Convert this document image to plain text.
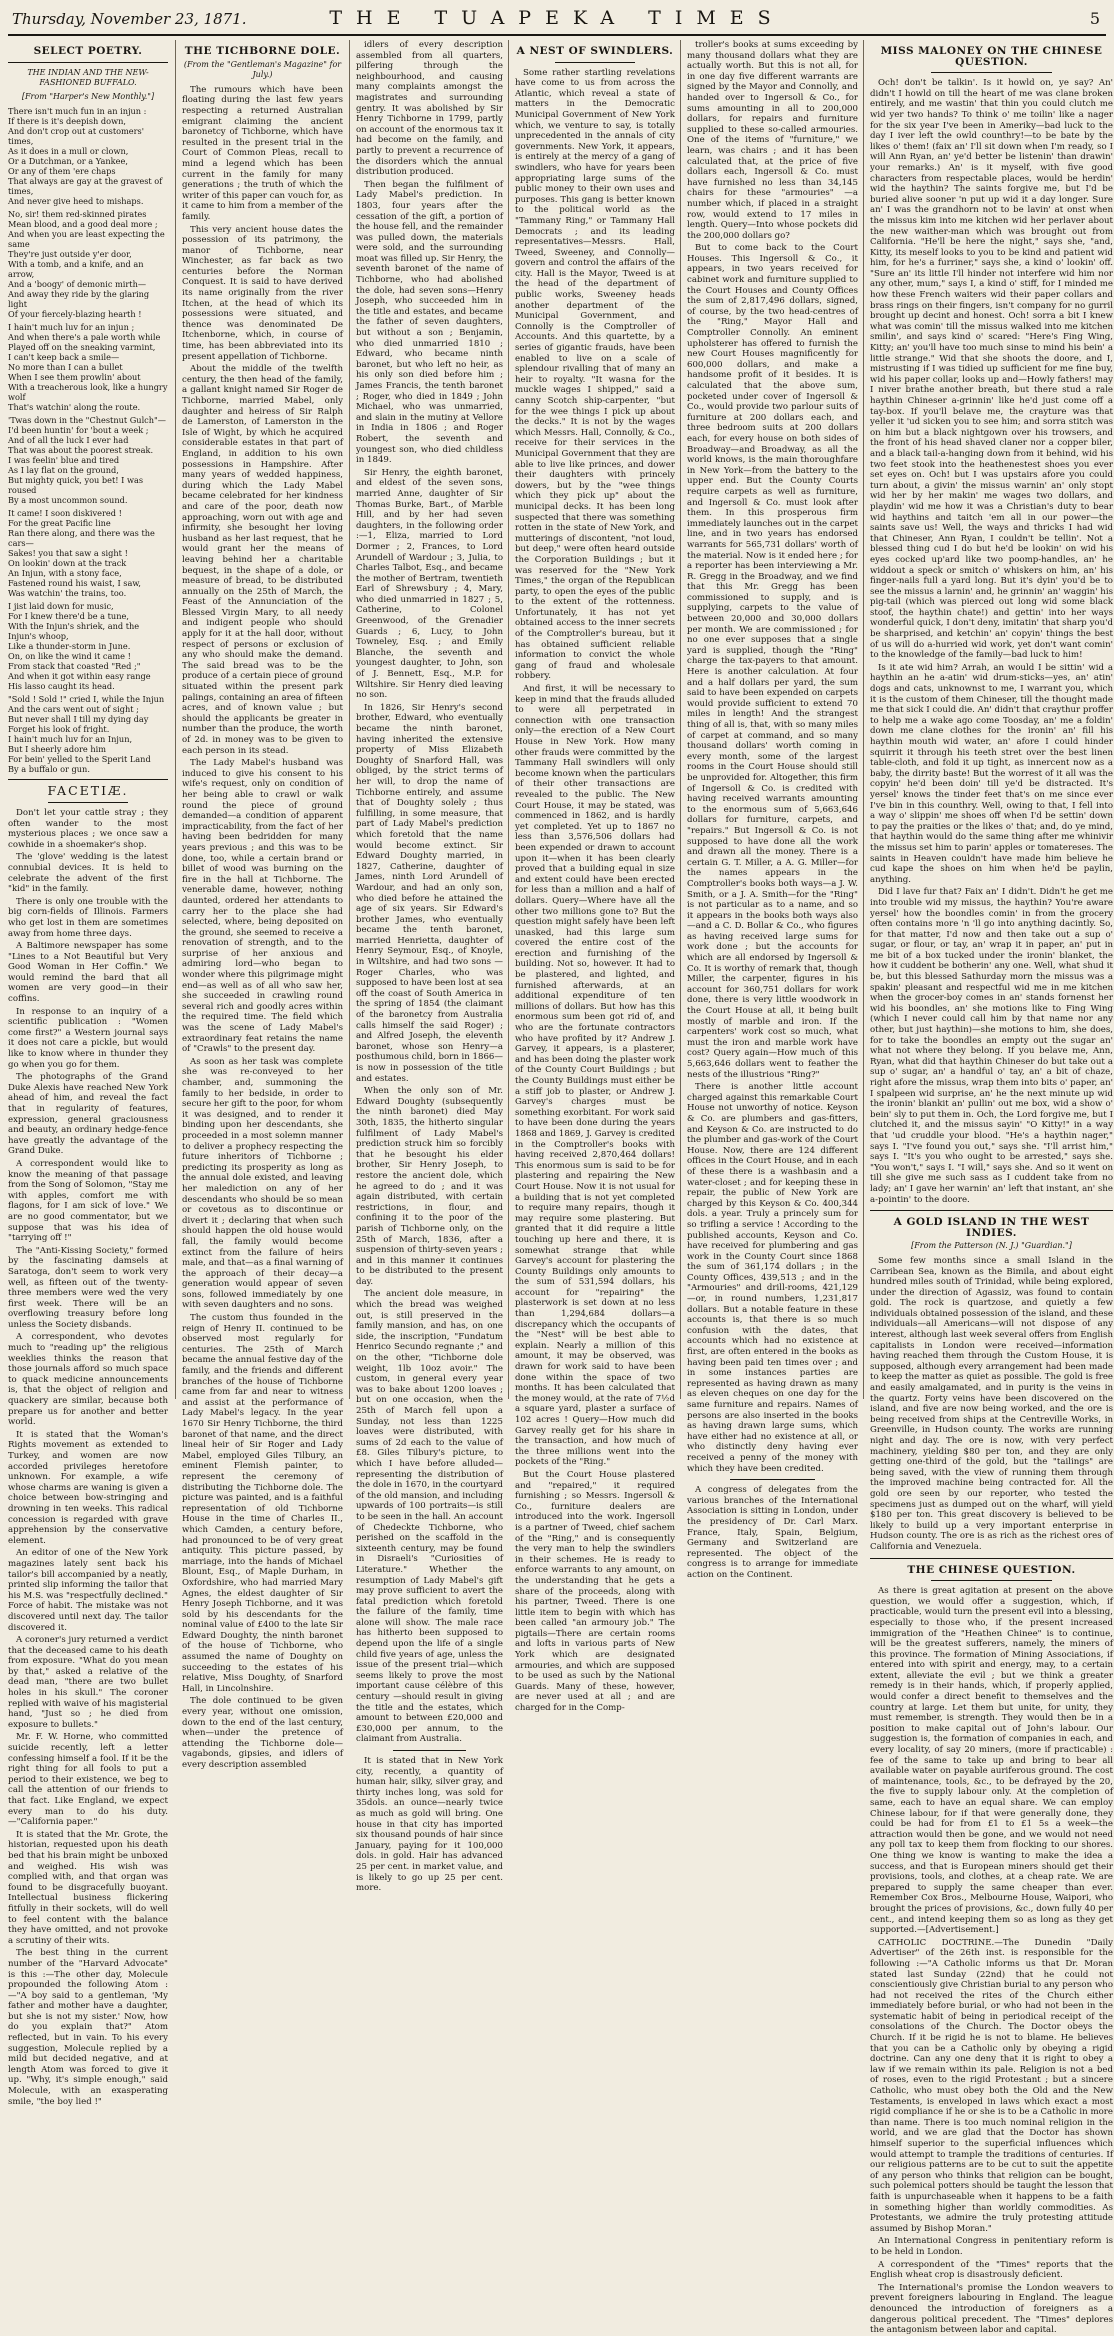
Thursday, November 23, 1871.	THE TUAPEKA TIMES	5
SELECT POETRY.
THE INDIAN AND THE NEW-FASHIONED BUFFALO.
[From "Harper's New Monthly."]
There isn't much fun in an injun :
If there is it's deepish down,
And don't crop out at customers' times,
As it does in a mull or clown,
Or a Dutchman, or a Yankee,
Or any of them 'ere chaps
That always are gay at the gravest of times,
And never give heed to mishaps.
No, sir! them red-skinned pirates
Mean blood, and a good deal more ;
And when you are least expecting the same
They're just outside y'er door,
With a tomb, and a knife, and an arrow,
And a 'boogy' of demonic mirth—
And away they ride by the glaring light
Of your fiercely-blazing hearth !
I hain't much luv for an injun ;
And when there's a pale worth while
Played off on the sneaking varmint,
I can't keep back a smile—
No more than I can a bullet
When I see them prowlin' about
With a treacherous look, like a hungry wolf
That's watchin' along the route.
'Twas down in the "Chestnut Gulch"—
I'd been huntin' for 'bout a week ;
And of all the luck I ever had
That was about the poorest streak.
I was feelin' blue and tired
As I lay flat on the ground,
But mighty quick, you bet! I was roused
By a most uncommon sound.
It came! I soon diskivered !
For the great Pacific line
Ran there along, and there was the cars—
Sakes! you that saw a sight !
On lookin' down at the track
An Injun, with a stony face,
Fastened round his waist, I saw,
Was watchin' the trains, too.
I jist laid down for music,
For I knew there'd be a tune,
With the Injun's shriek, and the Injun's whoop,
Like a thunder-storm in June.
On, on like the wind it came !
From stack that coasted "Red ;"
And when it got within easy range
His lasso caught its head.
"Sold ! Sold !" cried I, while the Injun
And the cars went out of sight ;
But never shall I till my dying day
Forget his look of fright.
I hain't much luv for an Injun,
But I sheerly adore him
For bein' yelled to the Sperit Land
By a buffalo or gun.
FACETIÆ.

Don't let your cattle stray ; they often wander to the most mysterious places ; we once saw a cowhide in a shoemaker's shop.

The 'glove' wedding is the latest connubial devices. It is held to celebrate the advent of the first "kid" in the family.

There is only one trouble with the big corn-fields of Illinois. Farmers who get lost in them are sometimes away from home three days.

A Baltimore newspaper has some "Lines to a Not Beautiful but Very Good Woman in Her Coffin." We would remind the bard that all women are very good—in their coffins.

In response to an inquiry of a scientific publication : "Women come first?" a Western journal says it does not care a pickle, but would like to know where in thunder they go when you go for them.

The photographs of the Grand Duke Alexis have reached New York ahead of him, and reveal the fact that in regularity of features, expression, general graciousness and beauty, an ordinary hedge-fence have greatly the advantage of the Grand Duke.

A correspondent would like to know the meaning of that passage from the Song of Solomon, "Stay me with apples, comfort me with flagons, for I am sick of love." We are no good commentator, but we suppose that was his idea of "tarrying off !"

The "Anti-Kissing Society," formed by the fascinating damsels at Saratoga, don't seem to work very well, as fifteen out of the twenty-three members were wed the very first week. There will be an overflowing treasury before long unless the Society disbands.

A correspondent, who devotes much to "reading up" the religious weeklies thinks the reason that those journals afford so much space to quack medicine announcements is, that the object of religion and quackery are similar, because both prepare us for another and better world.

It is stated that the Woman's Rights movement as extended to Turkey, and women are now accorded privileges heretofore unknown. For example, a wife whose charms are waning is given a choice between bow-stringing and drowning in ten weeks. This radical concession is regarded with grave apprehension by the conservative element.

An editor of one of the New York magazines lately sent back his tailor's bill accompanied by a neatly, printed slip informing the tailor that his M.S. was "respectfully declined." Force of habit. The mistake was not discovered until next day. The tailor discovered it.

A coroner's jury returned a verdict that the deceased came to his death from exposure. "What do you mean by that," asked a relative of the dead man, "there are two bullet holes in his skull." The coroner replied with waive of his magisterial hand, "Just so ; he died from exposure to bullets."

Mr. F. W. Horne, who committed suicide recently, left a letter confessing himself a fool. If it be the right thing for all fools to put a period to their existence, we beg to call the attention of our friends to that fact. Like England, we expect every man to do his duty.—"California paper."

It is stated that the Mr. Grote, the historian, requested upon his death bed that his brain might be unboxed and weighed. His wish was complied with, and that organ was found to be disgracefully buoyant. Intellectual business flickering fitfully in their sockets, will do well to feel content with the balance they have omitted, and not provoke a scrutiny of their wits.

The best thing in the current number of the "Harvard Advocate" is this :—The other day, Molecule propounded the following Atom :—"A boy said to a gentleman, 'My father and mother have a daughter, but she is not my sister.' Now, how do you explain that?" Atom reflected, but in vain. To his every suggestion, Molecule replied by a mild but decided negative, and at length Atom was forced to give it up. "Why, it's simple enough," said Molecule, with an exasperating smile, "the boy lied !"

THE TICHBORNE DOLE.
(From the "Gentleman's Magazine" for July.)

The rumours which have been floating during the last few years respecting a returned Australian emigrant claiming the ancient baronetcy of Tichborne, which have resulted in the present trial in the Court of Common Pleas, recall to mind a legend which has been current in the family for many generations ; the truth of which the writer of this paper can vouch for, as it came to him from a member of the family.

This very ancient house dates the possession of its patrimony, the manor of Tichborne, near Winchester, as far back as two centuries before the Norman Conquest. It is said to have derived its name originally from the river Itchen, at the head of which its possessions were situated, and thence was denominated De Itchenborne, which, in course of time, has been abbreviated into its present appellation of Tichborne.

About the middle of the twelfth century, the then head of the family, a gallant knight named Sir Roger de Tichborne, married Mabel, only daughter and heiress of Sir Ralph de Lamerston, of Lamerston in the Isle of Wight, by which he acquired considerable estates in that part of England, in addition to his own possessions in Hampshire. After many years of wedded happiness, during which the Lady Mabel became celebrated for her kindness and care of the poor, death now approaching, worn out with age and infirmity, she besought her loving husband as her last request, that he would grant her the means of leaving behind her a charitable bequest, in the shape of a dole, or measure of bread, to be distributed annually on the 25th of March, the Feast of the Annunciation of the Blessed Virgin Mary, to all needy and indigent people who should apply for it at the hall door, without respect of persons or exclusion of any who should make the demand. The said bread was to be the produce of a certain piece of ground situated within the present park palings, containing an area of fifteen acres, and of known value ; but should the applicants be greater in number than the produce, the worth of 2d. in money was to be given to each person in its stead.

The Lady Mabel's husband was induced to give his consent to his wife's request, only on condition of her being able to crawl or walk round the piece of ground demanded—a condition of apparent impracticability, from the fact of her having been bedridden for many years previous ; and this was to be done, too, while a certain brand or billet of wood was burning on the fire in the hall at Tichborne. The venerable dame, however, nothing daunted, ordered her attendants to carry her to the place she had selected, where, being deposited on the ground, she seemed to receive a renovation of strength, and to the surprise of her anxious and admiring lord—who began to wonder where this pilgrimage might end—as well as of all who saw her, she succeeded in crawling round several rich and goodly acres within the required time. The field which was the scene of Lady Mabel's extraordinary feat retains the name of "Crawls" to the present day.

As soon as her task was complete she was re-conveyed to her chamber, and, summoning the family to her bedside, in order to secure her gift to the poor, for whom it was designed, and to render it binding upon her descendants, she proceeded in a most solemn manner to deliver a prophecy respecting the future inheritors of Tichborne ; predicting its prosperity as long as the annual dole existed, and leaving her malediction on any of her descendants who should be so mean or covetous as to discontinue or divert it ; declaring that when such should happen the old house would fall, the family would become extinct from the failure of heirs male, and that—as a final warning of the approach of their decay—a generation would appear of seven sons, followed immediately by one with seven daughters and no sons.

The custom thus founded in the reign of Henry II. continued to be observed most regularly for centuries. The 25th of March became the annual festive day of the family, and the friends and different branches of the house of Tichborne came from far and near to witness and assist at the performance of Lady Mabel's legacy. In the year 1670 Sir Henry Tichborne, the third baronet of that name, and the direct lineal heir of Sir Roger and Lady Mabel, employed Giles Tilbury, an eminent Flemish painter, to represent the ceremony of distributing the Tichborne dole. The picture was painted, and is a faithful representation of old Tichborne House in the time of Charles II., which Camden, a century before, had pronounced to be of very great antiquity. This picture passed, by marriage, into the hands of Michael Blount, Esq., of Maple Durham, in Oxfordshire, who had married Mary Agnes, the eldest daughter of Sir Henry Joseph Tichborne, and it was sold by his descendants for the nominal value of £400 to the late Sir Edward Doughty, the ninth baronet of the house of Tichborne, who assumed the name of Doughty on succeeding to the estates of his relative, Miss Doughty, of Snarford Hall, in Lincolnshire.

The dole continued to be given every year, without one omission, down to the end of the last century, when—under the pretence of attending the Tichborne dole—vagabonds, gipsies, and idlers of every description assembled

idlers of every description assembled from all quarters, pilfering through the neighbourhood, and causing many complaints amongst the magistrates and surrounding gentry. It was abolished by Sir Henry Tichborne in 1799, partly on account of the enormous tax it had become on the family, and partly to prevent a recurrence of the disorders which the annual distribution produced.

Then began the fulfilment of Lady Mabel's prediction. In 1803, four years after the cessation of the gift, a portion of the house fell, and the remainder was pulled down, the materials were sold, and the surrounding moat was filled up. Sir Henry, the seventh baronet of the name of Tichborne, who had abolished the dole, had seven sons—Henry Joseph, who succeeded him in the title and estates, and became the father of seven daughters, but without a son ; Benjamin, who died unmarried 1810 ; Edward, who became ninth baronet, but who left no heir, as his only son died before him ; James Francis, the tenth baronet ; Roger, who died in 1849 ; John Michael, who was unmarried, and slain in the mutiny at Vellore in India in 1806 ; and Roger Robert, the seventh and youngest son, who died childless in 1849.

Sir Henry, the eighth baronet, and eldest of the seven sons, married Anne, daughter of Sir Thomas Burke, Bart., of Marble Hill, and by her had seven daughters, in the following order :—1, Eliza, married to Lord Dormer ; 2, Frances, to Lord Arundell of Wardour ; 3, Julia, to Charles Talbot, Esq., and became the mother of Bertram, twentieth Earl of Shrewsbury ; 4, Mary, who died unmarried in 1827 ; 5, Catherine, to Colonel Greenwood, of the Grenadier Guards ; 6, Lucy, to John Towneley, Esq. ; and Emily Blanche, the seventh and youngest daughter, to John, son of J. Bennett, Esq., M.P. for Wiltshire. Sir Henry died leaving no son.

In 1826, Sir Henry's second brother, Edward, who eventually became the ninth baronet, having inherited the extensive property of Miss Elizabeth Doughty of Snarford Hall, was obliged, by the strict terms of her will, to drop the name of Tichborne entirely, and assume that of Doughty solely ; thus fulfilling, in some measure, that part of Lady Mabel's prediction which foretold that the name would become extinct. Sir Edward Doughty married, in 1827, Catherine, daughter of James, ninth Lord Arundell of Wardour, and had an only son, who died before he attained the age of six years. Sir Edward's brother James, who eventually became the tenth baronet, married Henrietta, daughter of Henry Seymour, Esq., of Knoyle, in Wiltshire, and had two sons —Roger Charles, who was supposed to have been lost at sea off the coast of South America in the spring of 1854 (the claimant of the baronetcy from Australia calls himself the said Roger) ; and Alfred Joseph, the eleventh baronet, whose son Henry—a posthumous child, born in 1866—is now in possession of the title and estates.

When the only son of Mr. Edward Doughty (subsequently the ninth baronet) died May 30th, 1835, the hitherto singular fulfilment of Lady Mabel's prediction struck him so forcibly that he besought his elder brother, Sir Henry Joseph, to restore the ancient dole, which he agreed to do ; and it was again distributed, with certain restrictions, in flour, and confining it to the poor of the parish of Tichborne only, on the 25th of March, 1836, after a suspension of thirty-seven years ; and in this manner it continues to be distributed to the present day.

The ancient dole measure, in which the bread was weighed out, is still preserved in the family mansion, and has, on one side, the inscription, "Fundatum Henrico Secundo regnante ;" and on the other, "Tichborne dole weight, 1lb 10oz avoir." The custom, in general every year was to bake about 1200 loaves ; but on one occasion, when the 25th of March fell upon a Sunday, not less than 1225 loaves were distributed, with sums of 2d each to the value of £8. Giles Tilbury's picture, to which I have before alluded—representing the distribution of the dole in 1670, in the courtyard of the old mansion, and including upwards of 100 portraits—is still to be seen in the hall. An account of Chedeckte Tichborne, who perished on the scaffold in the sixteenth century, may be found in Disraeli's "Curiosities of Literature." Whether the resumption of Lady Mabel's gift may prove sufficient to avert the fatal prediction which foretold the failure of the family, time alone will show. The male race has hitherto been supposed to depend upon the life of a single child five years of age, unless the issue of the present trial—which seems likely to prove the most important cause célèbre of this century —should result in giving the title and the estates, which amount to between £20,000 and £30,000 per annum, to the claimant from Australia.

It is stated that in New York city, recently, a quantity of human hair, silky, silver gray, and thirty inches long, was sold for 35dols. an ounce—nearly twice as much as gold will bring. One house in that city has imported six thousand pounds of hair since January, paying for it 100,000 dols. in gold. Hair has advanced 25 per cent. in market value, and is likely to go up 25 per cent. more.

A NEST OF SWINDLERS.

Some rather startling revelations have come to us from across the Atlantic, which reveal a state of matters in the Democratic Municipal Government of New York which, we venture to say, is totally unprecedented in the annals of city governments. New York, it appears, is entirely at the mercy of a gang of swindlers, who have for years been appropriating large sums of the public money to their own uses and purposes. This gang is better known to the political world as the "Tammany Ring," or Tammany Hall Democrats ; and its leading representatives—Messrs. Hall, Tweed, Sweeney, and Connolly—govern and control the affairs of the city. Hall is the Mayor, Tweed is at the head of the department of public works, Sweeney heads another department of the Municipal Government, and Connolly is the Comptroller of Accounts. And this quartette, by a series of gigantic frauds, have been enabled to live on a scale of splendour rivalling that of many an heir to royalty. "It wasna for the muckle wages I shipped," said a canny Scotch ship-carpenter, "but for the wee things I pick up about the decks." It is not by the wages which Messrs. Hall, Connolly, & Co., receive for their services in the Municipal Government that they are able to live like princes, and dower their daughters with princely dowers, but by the "wee things which they pick up" about the municipal decks. It has been long suspected that there was something rotten in the state of New York, and mutterings of discontent, "not loud, but deep," were often heard outside the Corporation Buildings ; but it was reserved for the "New York Times," the organ of the Republican party, to open the eyes of the public to the extent of the rottenness. Unfortunately, it has not yet obtained access to the inner secrets of the Comptroller's bureau, but it has obtained sufficient reliable information to convict the whole gang of fraud and wholesale robbery.

And first, it will be necessary to keep in mind that the frauds alluded to were all perpetrated in connection with one transaction only—the erection of a New Court House in New York. How many other frauds were committed by the Tammany Hall swindlers will only become known when the particulars of their other transactions are revealed to the public. The New Court House, it may be stated, was commenced in 1862, and is hardly yet completed. Yet up to 1867 no less than 3,576,506 dollars had been expended or drawn to account upon it—when it has been clearly proved that a building equal in size and extent could have been erected for less than a million and a half of dollars. Query—Where have all the other two millions gone to? But the question might safely have been left unasked, had this large sum covered the entire cost of the erection and furnishing of the building. Not so, however. It had to be plastered, and lighted, and furnished afterwards, at an additional expenditure of ten millions of dollars. But how has this enormous sum been got rid of, and who are the fortunate contractors who have profited by it? Andrew J. Garvey, it appears, is a plasterer, and has been doing the plaster work of the County Court Buildings ; but the County Buildings must either be a stiff job to plaster, or Andrew J. Garvey's charges must be something exorbitant. For work said to have been done during the years 1868 and 1869, J. Garvey is credited in the Comptroller's books with having received 2,870,464 dollars! This enormous sum is said to be for plastering and repairing the New Court House. Now it is not usual for a building that is not yet completed to require many repairs, though it may require some plastering. But granted that it did require a little touching up here and there, it is somewhat strange that while Garvey's account for plastering the County Buildings only amounts to the sum of 531,594 dollars, his account for "repairing" the plasterwork is set down at no less than 1,294,684 dollars—a discrepancy which the occupants of the "Nest" will be best able to explain. Nearly a million of this amount, it may be observed, was drawn for work said to have been done within the space of two months. It has been calculated that the money would, at the rate of 7½d a square yard, plaster a surface of 102 acres ! Query—How much did Garvey really get for his share in the transaction, and how much of the three millions went into the pockets of the "Ring."

But the Court House plastered and "repaired," it required furnishing ; so Messrs. Ingersoll & Co., furniture dealers are introduced into the work. Ingersoll is a partner of Tweed, chief sachem of the "Ring," and is consequently the very man to help the swindlers in their schemes. He is ready to enforce warrants to any amount, on the understanding that he gets a share of the proceeds, along with his partner, Tweed. There is one little item to begin with which has been called "an armoury job." The pigtails—There are certain rooms and lofts in various parts of New York which are designated armouries, and which are supposed to be used as such by the National Guards. Many of these, however, are never used at all ; and are charged for in the Comp-

troller's books at sums exceeding by many thousand dollars what they are actually worth. But this is not all, for in one day five different warrants are signed by the Mayor and Connolly, and handed over to Ingersoll & Co., for sums amounting in all to 200,000 dollars, for repairs and furniture supplied to these so-called armouries. One of the items of "furniture," we learn, was chairs ; and it has been calculated that, at the price of five dollars each, Ingersoll & Co. must have furnished no less than 34,145 chairs for these "armouries" —a number which, if placed in a straight row, would extend to 17 miles in length. Query—Into whose pockets did the 200,000 dollars go?

But to come back to the Court Houses. This Ingersoll & Co., it appears, in two years received for cabinet work and furniture supplied to the Court Houses and County Offices the sum of 2,817,496 dollars, signed, of course, by the two head-centres of the "Ring," Mayor Hall and Comptroller Connolly. An eminent upholsterer has offered to furnish the new Court Houses magnificently for 600,000 dollars, and make a handsome profit of it besides. It is calculated that the above sum, pocketed under cover of Ingersoll & Co., would provide two parlour suits of furniture at 200 dollars each, and three bedroom suits at 200 dollars each, for every house on both sides of Broadway—and Broadway, as all the world knows, is the main thoroughfare in New York—from the battery to the upper end. But the County Courts require carpets as well as furniture, and Ingersoll & Co. must look after them. In this prosperous firm immediately launches out in the carpet line, and in two years has endorsed warrants for 565,731 dollars' worth of the material. Now is it ended here ; for a reporter has been interviewing a Mr. R. Gregg in the Broadway, and we find that this Mr. Gregg has been commissioned to supply, and is supplying, carpets to the value of between 20,000 and 30,000 dollars per month. We are commissioned ; for no one ever supposes that a single yard is supplied, though the "Ring" charge the tax-payers to that amount. Here is another calculation. At four and a half dollars per yard, the sum said to have been expended on carpets would provide sufficient to extend 70 miles in length! And the strangest thing of all is, that, with so many miles of carpet at command, and so many thousand dollars' worth coming in every month, some of the largest rooms in the Court House should still be unprovided for. Altogether, this firm of Ingersoll & Co. is credited with having received warrants amounting to the enormous sum of 5,663,646 dollars for furniture, carpets, and "repairs." But Ingersoll & Co. is not supposed to have done all the work and drawn all the money. There is a certain G. T. Miller, a A. G. Miller—for the names appears in the Comptroller's books both ways—a J. W. Smith, or a J. A. Smith—for the "Ring" is not particular as to a name, and so it appears in the books both ways also—and a C. D. Bollar & Co., who figures as having received large sums for work done ; but the accounts for which are all endorsed by Ingersoll & Co. It is worthy of remark that, though Miller, the carpenter, figures in his account for 360,751 dollars for work done, there is very little woodwork in the Court House at all, it being built mostly of marble and iron. If the carpenters' work cost so much, what must the iron and marble work have cost? Query again—How much of this 5,663,646 dollars went to feather the nests of the illustrious "Ring?"

There is another little account charged against this remarkable Court House not unworthy of notice. Keyson & Co. are plumbers and gas-fitters, and Keyson & Co. are instructed to do the plumber and gas-work of the Court House. Now, there are 124 different offices in the Court House, and in each of these there is a washbasin and a water-closet ; and for keeping these in repair, the public of New York are charged by this Keyson & Co. 400,344 dols. a year. Truly a princely sum for so trifling a service ! According to the published accounts, Keyson and Co. have received for plumbering and gas work in the County Court since 1868 the sum of 361,174 dollars ; in the County Offices, 439,513 ; and in the "Armouries" and drill-rooms, 421,129—or, in round numbers, 1,231,817 dollars. But a notable feature in these accounts is, that there is so much confusion with the dates, that accounts which had no existence at first, are often entered in the books as having been paid ten times over ; and in some instances parties are represented as having drawn as many as eleven cheques on one day for the same furniture and repairs. Names of persons are also inserted in the books as having drawn large sums, which have either had no existence at all, or who distinctly deny having ever received a penny of the money with which they have been credited.

A congress of delegates from the various branches of the International Association is sitting in London, under the presidency of Dr. Carl Marx. France, Italy, Spain, Belgium, Germany and Switzerland are represented. The object of the congress is to arrange for immediate action on the Continent.

MISS MALONEY ON THE CHINESE QUESTION.

Och! don't be talkin'. Is it howld on, ye say? An' didn't I howld on till the heart of me was clane broken entirely, and me wastin' that thin you could clutch me wid yer two hands? To think o' me toilin' like a nager for the six year I've been in Ameriky—bad luck to the day I iver left the owld counthry!—to be bate by the likes o' them! (faix an' I'll sit down when I'm ready, so I will Ann Ryan, an' ye'd better be listenin' than drawin' your remarks.) An' is it myself, with five good characters from respectable places, would be herdin' wid the haythin? The saints forgive me, but I'd be buried alive sooner 'n put up wid it a day longer. Sure an' I was the grandhorn not to be lavin' at onst when the missus kim into me kitchen wid her perlaver about the new waither-man which was brought out from California. "He'll be here the night," says she, "and, Kitty, its meself looks to you to be kind and patient wid him, for he's a furriner," says she, a kind o' lookin' off. "Sure an' its little I'll hinder not interfere wid him nor any other, mum," says I, a kind o' stiff, for I minded me how these French waiters wid their paper collars and brass rings on their fingers, isn't company for no gurril brought up decint and honest. Och! sorra a bit I knew what was comin' till the missus walked into me kitchen smilin', and says kind o' scared: "Here's Fing Wing, Kitty; an' you'll have too much sinse to mind his bein' a little strange." Wid that she shoots the doore, and I, mistrusting if I was tidied up sufficient for me fine buy, wid his paper collar, looks up and—Howly fathers! may I niver brathe another breath, but there stud a rale haythin Chineser a-grinnin' like he'd just come off a tay-box. If you'll belave me, the crayture was that yeller it 'ud sicken you to see him; and sorra stitch was on him but a black nightgown over his trowsers, and the front of his head shaved claner nor a copper biler, and a black tail-a-hanging down from it behind, wid his two feet stook into the heathenestest shoes you ever set eyes on. Och! but I was upstairs afore you could turn about, a givin' the missus warnin' an' only stopt wid her by her makin' me wages two dollars, and playdin' wid me how it was a Christian's duty to bear wid haythins and taitch 'em all in our power—the saints save us! Well, the ways and thricks I had wid that Chineser, Ann Ryan, I couldn't be tellin'. Not a blessed thing cud I do but he'd be lookin' on wid his eyes cocked up'ard like two poomp-handles, an' he widdout a speck or smitch o' whiskers on him, an' his finger-nails full a yard long. But it's dyin' you'd be to see the missus a larnin' and, he grinnin' an' waggin' his pig-tail (which was pierced out long wid some black stoof, the haythin chate!) and gettin' into her ways wonderful quick, I don't deny, imitatin' that sharp you'd be sharprised, and ketchin' an' copyin' things the best of us will do a-hurried wid work, yet don't want comin' to the knowledge of the family—bad luck to him!

Is it ate wid him? Arrah, an would I be sittin' wid a haythin an he a-atin' wid drum-sticks—yes, an' atin' dogs and cats, unknownst to me, I warrant you, which it is the custom of them Chineser, till the thought made me that sick I could die. An' didn't that craythur proffer to help me a wake ago come Toosday, an' me a foldin' down me clane clothes for the ironin' an' fill his haythin mouth wid water, an' afore I could hinder squirrit it through his teeth stret over the best linen table-cloth, and fold it up tight, as innercent now as a baby, the dirrity baste! But the worrest of it all was the copyin' he'd been doin' till ye'd be distracted. It's yersel' knows the tinder feet that's on me since ever I've bin in this counthry. Well, owing to that, I fell into a way o' slippin' me shoes off when I'd be settin' down to pay the praities or the likes o' that; and, do ye mind, that haythin would do the same thing after me whinivir the missus set him to parin' apples or tomatereses. The saints in Heaven couldn't have made him believe he cud kape the shoes on him when he'd be paylin, anything.

Did I lave fur that? Faix an' I didn't. Didn't he get me into trouble wid my missus, the haythin? You're aware yersel' how the boondles comin' in from the grocery often contains more 'n 'll go into anything dacintly. So, for that matter, I'd now and then take out a sup o' sugar, or flour, or tay, an' wrap it in paper, an' put in me bit of a box tucked under the ironin' blanket, the how it cuddent be botherin' any one. Well, what shud it be, but this blessed Sathurday morn the missus was a spakin' pleasant and respectful wid me in me kitchen when the grocer-boy comes in an' stands fornenst her wid his boondles, an' she motions like to Fing Wing (which I never could call him by that name nor any other, but just haythin)—she motions to him, she does, for to take the boondles an empty out the sugar an' what not where they belong. If you belave me, Ann, Ryan, what did that haythin Chineser do but take out a sup o' sugar, an' a handful o' tay, an' a bit of chaze, right afore the missus, wrap them into bits o' paper, an' I spalpeen wid surprise, an' he the next minute up wid the ironin' blankit an' pullin' out me box, wid a show o' bein' sly to put them in. Och, the Lord forgive me, but I clutched it, and the missus sayin' "O Kitty!" in a way that 'ud cruddle your blood. "He's a haythin nager," says I. "I've found you out," says she. "I'll arrist him," says I. "It's you who ought to be arrested," says she. "You won't," says I. "I will," says she. And so it went on till she give me such sass as I cuddent take from no lady; an' I gave her warnin' an' left that instant, an' she a-pointin' to the doore.

A GOLD ISLAND IN THE WEST INDIES.
[From the Patterson (N. J.) "Guardian."]

Some few months since a small Island in the Carribean Sea, known as the Bimila, and about eight hundred miles south of Trinidad, while being explored, under the direction of Agassiz, was found to contain gold. The rock is quartzose, and quietly a few individuals obtained possession of the island, and these individuals—all Americans—will not dispose of any interest, although last week several offers from English capitalists in London were received—information having reached them through the Custom House, it is supposed, although every arrangement had been made to keep the matter as quiet as possible. The gold is free and easily amalgamated, and in purity is the veins in the quartz. Forty veins have been discovered on the island, and five are now being worked, and the ore is being received from ships at the Centreville Works, in Greenville, in Hudson county. The works are running night and day. The ore is now, with very perfect machinery, yielding $80 per ton, and they are only getting one-third of the gold, but the "tailings" are being saved, with the view of running them through the improved machine being contracted for. All the gold ore seen by our reporter, who tested the specimens just as dumped out on the wharf, will yield $180 per ton. This great discovery is believed to be likely to build up a very important enterprise in Hudson county. The ore is as rich as the richest ores of California and Venezuela.

THE CHINESE QUESTION.

As there is great agitation at present on the above question, we would offer a suggestion, which, if practicable, would turn the present evil into a blessing, especially to those who, if the present increased immigration of the "Heathen Chinee" is to continue, will be the greatest sufferers, namely, the miners of this province. The formation of Mining Associations, if entered into with spirit and energy, may, to a certain extent, alleviate the evil ; but we think a greater remedy is in their hands, which, if properly applied, would confer a direct benefit to themselves and the country at large. Let them but unite, for unity, they must remember, is strength. They would then be in a position to make capital out of John's labour. Our suggestion is, the formation of companies in each, and every locality, of say 20 miners, (more if practicable) : fee of the same to take up and bring to bear all available water on payable auriferous ground. The cost of maintenance, tools, &c., to be defrayed by the 20, the five to supply labour only. At the completion of same, each to have an equal share. We can employ Chinese labour, for if that were generally done, they could be had for from £1 to £1 5s a week—the attraction would then be gone, and we would not need any poll tax to keep them from flocking to our shores. One thing we know is wanting to make the idea a success, and that is European miners should get their provisions, tools, and clothes, at a cheap rate. We are prepared to supply the same cheaper than ever. Remember Cox Bros., Melbourne House, Waipori, who brought the prices of provisions, &c., down fully 40 per cent., and intend keeping them so as long as they get supported.—[Advertisement.]

CATHOLIC DOCTRINE.—The Dunedin "Daily Advertiser" of the 26th inst. is responsible for the following :—"A Catholic informs us that Dr. Moran stated last Sunday (22nd) that he could not conscientiously give Christian burial to any person who had not received the rites of the Church either immediately before burial, or who had not been in the systematic habit of being in periodical receipt of the consolations of the Church. The Doctor obeys the Church. If it be rigid he is not to blame. He believes that you can be a Catholic only by obeying a rigid doctrine. Can any one deny that it is right to obey a law if we remain within its pale. Religion is not a bed of roses, even to the rigid Protestant ; but a sincere Catholic, who must obey both the Old and the New Testaments, is enveloped in laws which exact a most rigid compliance if he or she is to be a Catholic in more than name. There is too much nominal religion in the world, and we are glad that the Doctor has shown himself superior to the superficial influences which would attempt to trample the traditions of centuries. If our religious patterns are to be cut to suit the appetite of any person who thinks that religion can be bought, such polemical potters should be taught the lesson that faith is unpurchaseable when it happens to be a faith in something higher than worldly commodities. As Protestants, we admire the truly protesting attitude assumed by Bishop Moran."

An International Congress in penitentiary reform is to be held in London.

A correspondent of the "Times" reports that the English wheat crop is disastrously deficient.

The International's promise the London weavers to prevent foreigners labouring in England. The league denounced the introduction of foreigners as a dangerous political precedent. The "Times" deplores the antagonism between labor and capital.
